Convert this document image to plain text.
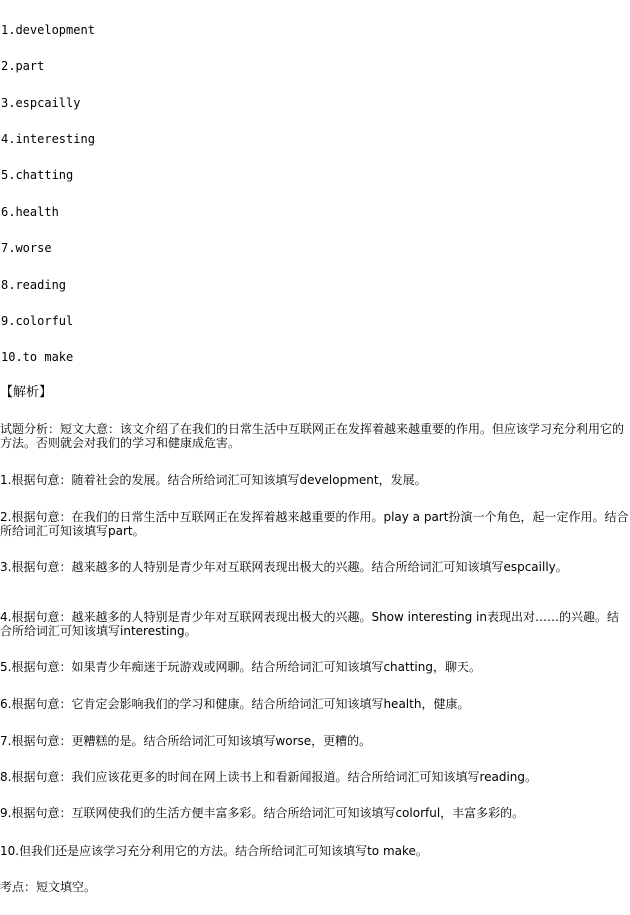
1.development
2.part
3.espcailly
4.interesting
5.chatting
6.health
7.worse
8.reading
9.colorful
10.to make
【解析】
试题分析：短文大意：该文介绍了在我们的日常生活中互联网正在发挥着越来越重要的作用。但应该学习充分利用它的方法。否则就会对我们的学习和健康成危害。
1.根据句意：随着社会的发展。结合所给词汇可知该填写development，发展。
2.根据句意：在我们的日常生活中互联网正在发挥着越来越重要的作用。play a part扮演一个角色，起一定作用。结合所给词汇可知该填写part。
3.根据句意：越来越多的人特别是青少年对互联网表现出极大的兴趣。结合所给词汇可知该填写espcailly。
4.根据句意：越来越多的人特别是青少年对互联网表现出极大的兴趣。Show interesting in表现出对……的兴趣。结合所给词汇可知该填写interesting。
5.根据句意：如果青少年痴迷于玩游戏或网聊。结合所给词汇可知该填写chatting，聊天。
6.根据句意：它肯定会影响我们的学习和健康。结合所给词汇可知该填写health，健康。
7.根据句意：更糟糕的是。结合所给词汇可知该填写worse，更糟的。
8.根据句意：我们应该花更多的时间在网上读书上和看新闻报道。结合所给词汇可知该填写reading。
9.根据句意：互联网使我们的生活方便丰富多彩。结合所给词汇可知该填写colorful，丰富多彩的。
10.但我们还是应该学习充分利用它的方法。结合所给词汇可知该填写to make。
考点：短文填空。
